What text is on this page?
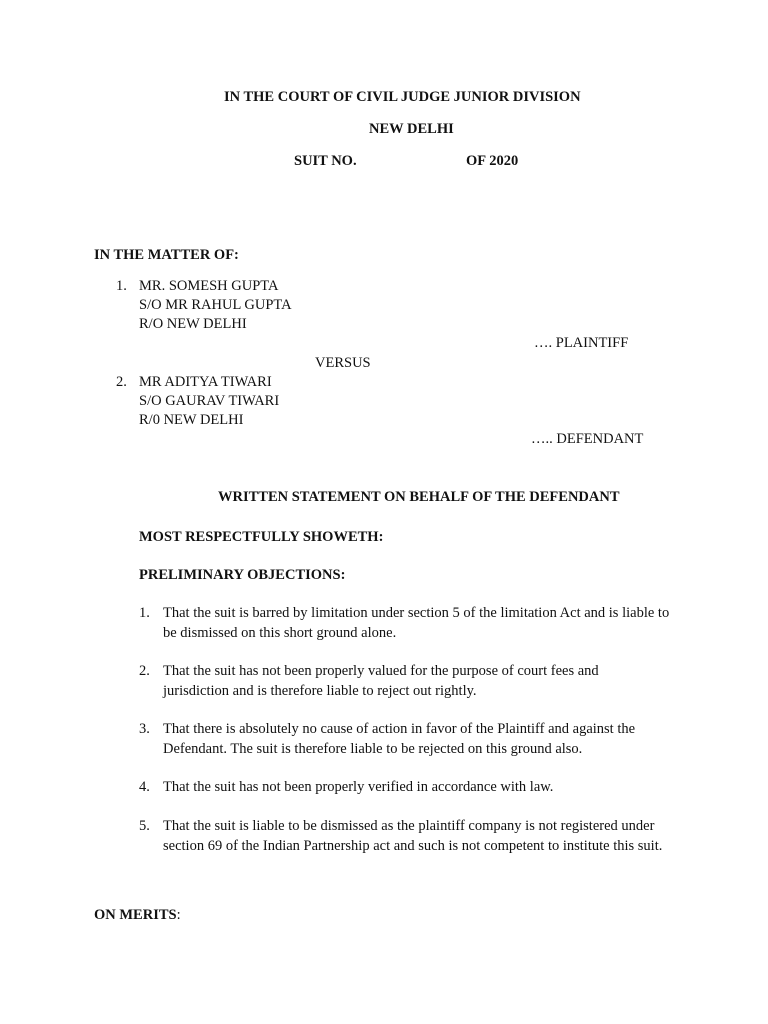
IN THE COURT OF CIVIL JUDGE JUNIOR DIVISION
NEW DELHI
SUIT NO.	OF 2020
IN THE MATTER OF:
1. MR. SOMESH GUPTA
S/O MR RAHUL GUPTA
R/O NEW DELHI
…. PLAINTIFF
VERSUS
2. MR ADITYA TIWARI
S/O GAURAV TIWARI
R/0 NEW DELHI
….. DEFENDANT
WRITTEN STATEMENT ON BEHALF OF THE DEFENDANT
MOST RESPECTFULLY SHOWETH:
PRELIMINARY OBJECTIONS:
1. That the suit is barred by limitation under section 5 of the limitation Act and is liable to be dismissed on this short ground alone.
2. That the suit has not been properly valued for the purpose of court fees and jurisdiction and is therefore liable to reject out rightly.
3. That there is absolutely no cause of action in favor of the Plaintiff and against the Defendant. The suit is therefore liable to be rejected on this ground also.
4. That the suit has not been properly verified in accordance with law.
5. That the suit is liable to be dismissed as the plaintiff company is not registered under section 69 of the Indian Partnership act and such is not competent to institute this suit.
ON MERITS:
